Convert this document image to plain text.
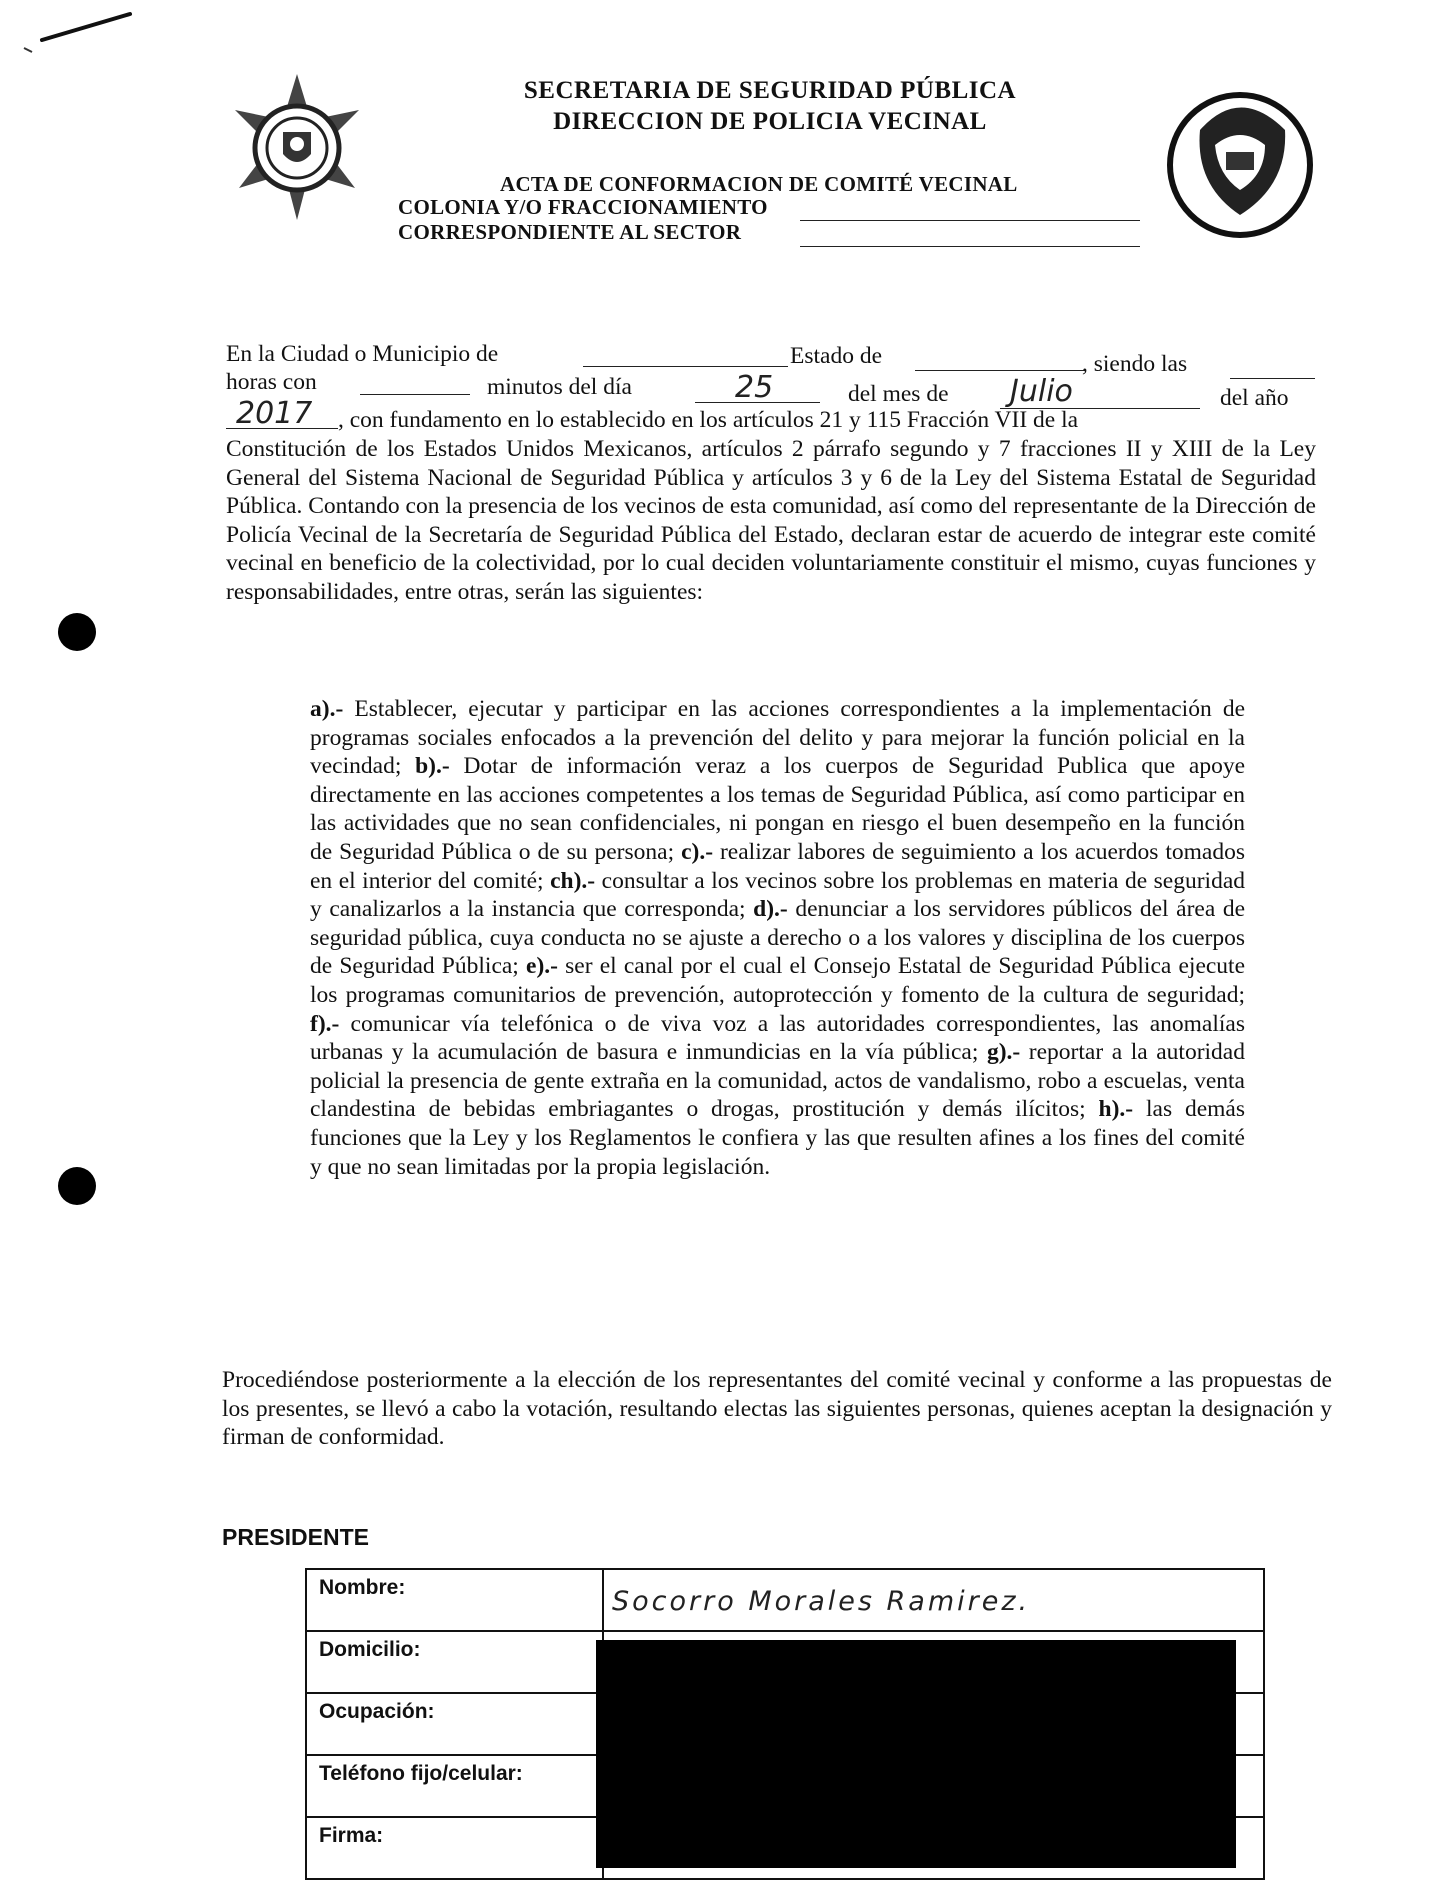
SECRETARIA DE SEGURIDAD PÚBLICA
DIRECCION DE POLICIA VECINAL
ACTA DE CONFORMACION DE COMITÉ VECINAL
COLONIA Y/O FRACCIONAMIENTO
CORRESPONDIENTE AL SECTOR
En la Ciudad o Municipio de	Estado de	, siendo las
horas con	minutos del día	25	del mes de Julio	del año
2017 , con fundamento en lo establecido en los artículos 21 y 115 Fracción VII de la
Constitución de los Estados Unidos Mexicanos, artículos 2 párrafo segundo y 7 fracciones II y XIII de la Ley General del Sistema Nacional de Seguridad Pública y artículos 3 y 6 de la Ley del Sistema Estatal de Seguridad Pública. Contando con la presencia de los vecinos de esta comunidad, así como del representante de la Dirección de Policía Vecinal de la Secretaría de Seguridad Pública del Estado, declaran estar de acuerdo de integrar este comité vecinal en beneficio de la colectividad, por lo cual deciden voluntariamente constituir el mismo, cuyas funciones y responsabilidades, entre otras, serán las siguientes:
a).- Establecer, ejecutar y participar en las acciones correspondientes a la implementación de programas sociales enfocados a la prevención del delito y para mejorar la función policial en la vecindad; b).- Dotar de información veraz a los cuerpos de Seguridad Publica que apoye directamente en las acciones competentes a los temas de Seguridad Pública, así como participar en las actividades que no sean confidenciales, ni pongan en riesgo el buen desempeño en la función de Seguridad Pública o de su persona; c).- realizar labores de seguimiento a los acuerdos tomados en el interior del comité; ch).- consultar a los vecinos sobre los problemas en materia de seguridad y canalizarlos a la instancia que corresponda; d).- denunciar a los servidores públicos del área de seguridad pública, cuya conducta no se ajuste a derecho o a los valores y disciplina de los cuerpos de Seguridad Pública; e).- ser el canal por el cual el Consejo Estatal de Seguridad Pública ejecute los programas comunitarios de prevención, autoprotección y fomento de la cultura de seguridad; f).- comunicar vía telefónica o de viva voz a las autoridades correspondientes, las anomalías urbanas y la acumulación de basura e inmundicias en la vía pública; g).- reportar a la autoridad policial la presencia de gente extraña en la comunidad, actos de vandalismo, robo a escuelas, venta clandestina de bebidas embriagantes o drogas, prostitución y demás ilícitos; h).- las demás funciones que la Ley y los Reglamentos le confiera y las que resulten afines a los fines del comité y que no sean limitadas por la propia legislación.
Procediéndose posteriormente a la elección de los representantes del comité vecinal y conforme a las propuestas de los presentes, se llevó a cabo la votación, resultando electas las siguientes personas, quienes aceptan la designación y firman de conformidad.
PRESIDENTE
Nombre:	Socorro Morales Ramirez.

Domicilio:	
Ocupación:	
Teléfono fijo/celular:	
Firma:	
